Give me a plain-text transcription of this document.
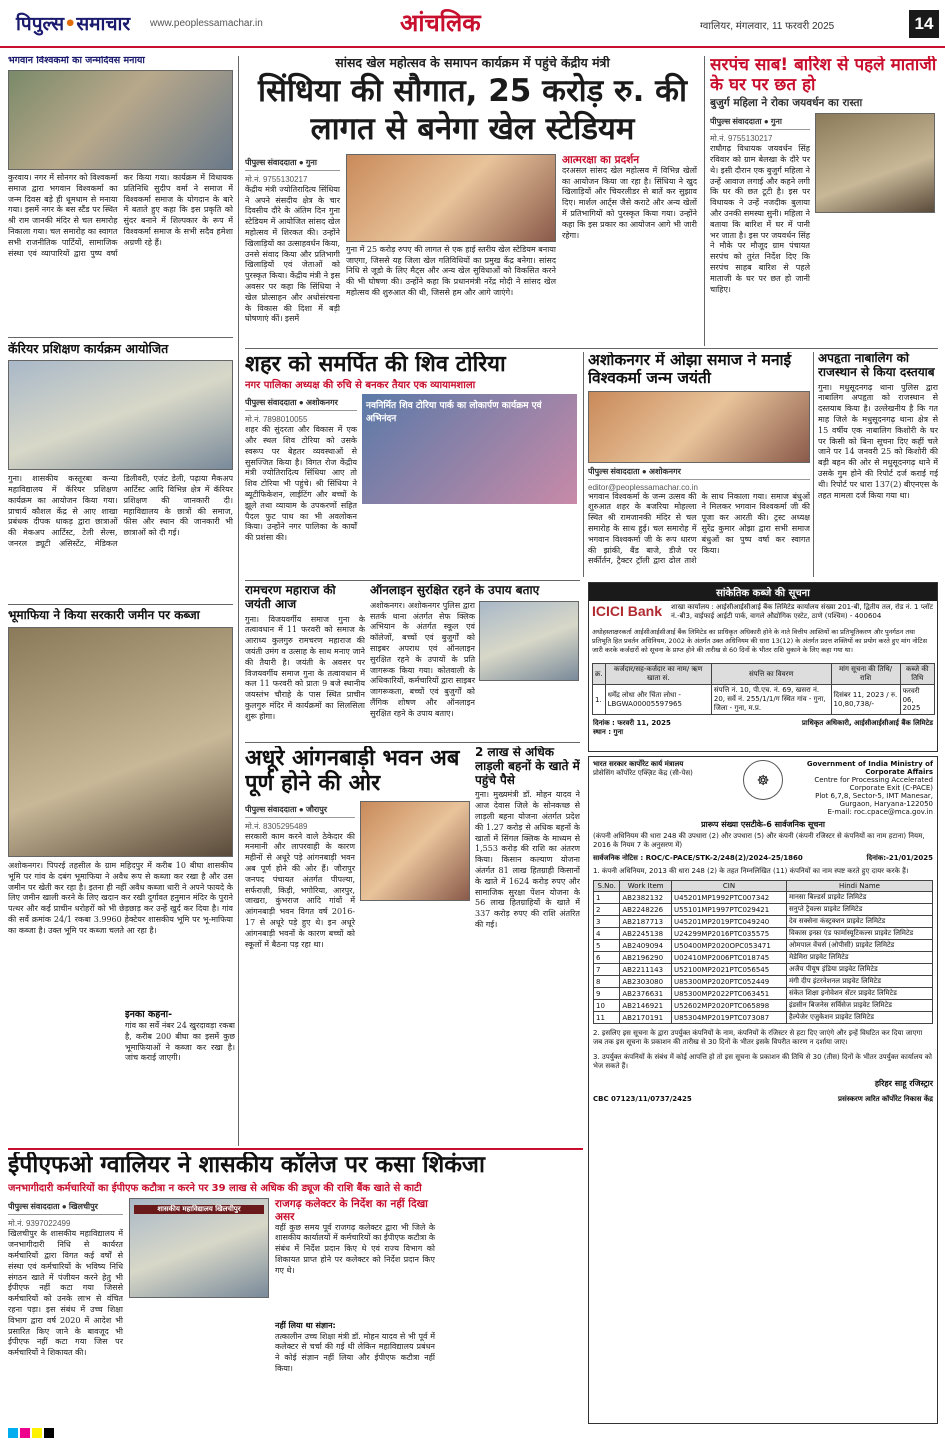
पिपुल्स•समाचार www.peoplessamachar.in	आंचलिक	ग्वालियर, मंगलवार, 11 फरवरी 2025	14
भगवान विश्वकर्मा का जन्मदिवस मनाया
कुरवाय। नगर में सोनगर को विश्वकर्मा समाज द्वारा भगवान विश्वकर्मा का जन्म दिवस बड़े ही धूमधाम से मनाया गया। इसमें नगर के बस स्टैंड पर स्थित श्री राम जानकी मंदिर से चल समारोह निकाला गया। चल समारोह का स्वागत सभी राजनीतिक पार्टियों, सामाजिक संस्था एवं व्यापारियों द्वारा पुष्प वर्षा कर किया गया। कार्यक्रम में विधायक प्रतिनिधि सुदीप वर्मा ने समाज में विश्वकर्मा समाज के योगदान के बारे में बताते हुए कहा कि इस प्रकृति को सुंदर बनाने में शिल्पकार के रूप में विश्वकर्मा समाज के सभी सदैव हमेशा अग्रणी रहे हैं।
कॅरियर प्रशिक्षण कार्यक्रम आयोजित
गुना। शासकीय कस्तूरबा कन्या महाविद्यालय में कॅरियर प्रशिक्षण कार्यक्रम का आयोजन किया गया। प्राचार्य कौशल केंद्र से आए शाखा प्रबंधक दीपक धाकड़ द्वारा छात्राओं की मेकअप आर्टिस्ट, टेली सेल्स, जनरल ड्यूटी असिस्टेंट, मेडिकल डिलीवरी, एजंट डेली, पढ़ाया मैकअप आर्टिस्ट आदि विभिन्न क्षेत्र में कॅरियर प्रशिक्षण की जानकारी दी। महाविद्यालय के छात्रों की समाज, फीस और स्थान की जानकारी भी छात्राओं को दी गई।
भूमाफिया ने किया सरकारी जमीन पर कब्जा
अशोकनगर। पिपरई तहसील के ग्राम महिदपुर में करीब 10 बीघा शासकीय भूमि पर गांव के दबंग भूमाफिया ने अवैध रूप से कब्जा कर रखा है और उस जमीन पर खेती कर रहा है। इतना ही नहीं अवैध कब्जा धारी ने अपने फायदे के लिए जमीन खाली करने के लिए खदान कर रखी दुर्गावत हनुमान मंदिर के पुराने पत्थर और कई प्राचीन धरोहरों को भी छेड़छाड़ कर उन्हें खुर्द कर दिया है। गांव की सर्वे क्रमांक 24/1 रकबा 3.9960 हेक्टेयर शासकीय भूमि पर भू-माफिया का कब्जा है। उक्त भूमि पर कब्जा चलते आ रहा है।
सांसद खेल महोत्सव के समापन कार्यक्रम में पहुंचे केंद्रीय मंत्री
सिंधिया की सौगात, 25 करोड़ रु. की लागत से बनेगा खेल स्टेडियम
पीपुल्स संवाददाता ● गुना
मो.नं. 9755130217
केंद्रीय मंत्री ज्योतिरादित्य सिंधिया ने अपने संसदीय क्षेत्र के चार दिवसीय दौरे के अंतिम दिन गुना स्टेडियम में आयोजित सांसद खेल महोत्सव में शिरकत की। उन्होंने खिलाड़ियों का उत्साहवर्धन किया, उनसे संवाद किया और प्रतिभागी खिलाड़ियों एवं जेताओं को पुरस्कृत किया। केंद्रीय मंत्री ने इस अवसर पर कहा कि सिंधिया ने खेल प्रोत्साहन और अधोसंरचना के विकास की दिशा में बड़ी घोषणाएं कीं। इसमें
गुना में 25 करोड़ रुपए की लागत से एक हाई स्तरीय खेल स्टेडियम बनाया जाएगा, जिससे यह जिला खेल गतिविधियों का प्रमुख केंद्र बनेगा। सांसद निधि से जूडो के लिए मैट्स और अन्य खेल सुविधाओं को विकसित करने की भी घोषणा की। उन्होंने कहा कि प्रधानमंत्री नरेंद्र मोदी ने सांसद खेल महोत्सव की शुरुआत की थी, जिससे हम और आगे जाएंगे।
आत्मरक्षा का प्रदर्शन
दरअसल सांसद खेल महोत्सव में विभिन्न खेलों का आयोजन किया जा रहा है। सिंधिया ने खुद खिलाड़ियों और चियरलीडर से बातें कर सुझाव दिए। मार्शल आर्ट्स जैसे कराटे और अन्य खेलों में प्रतिभागियों को पुरस्कृत किया गया। उन्होंने कहा कि इस प्रकार का आयोजन आगे भी जारी रहेगा।
सरपंच साब! बारिश से पहले माताजी के घर पर छत हो
बुजुर्ग महिला ने रोका जयवर्धन का रास्ता
पीपुल्स संवाददाता ● गुना
मो.नं. 9755130217
राघौगढ़ विधायक जयवर्धन सिंह रविवार को ग्राम बेलखा के दौरे पर थे। इसी दौरान एक बुजुर्ग महिला ने उन्हें आवाज लगाई और कहने लगी कि घर की छत टूटी है। इस पर विधायक ने उन्हें नजदीक बुलाया और उनकी समस्या सुनी। महिला ने बताया कि बारिश में घर में पानी भर जाता है। इस पर जयवर्धन सिंह ने मौके पर मौजूद ग्राम पंचायत सरपंच को तुरंत निर्देश दिए कि सरपंच साहब बारिश से पहले माताजी के घर पर छत हो जानी चाहिए।
शहर को समर्पित की शिव टोरिया
नगर पालिका अध्यक्ष की रुचि से बनकर तैयार एक व्यायामशाला
पीपुल्स संवाददाता ● अशोकनगर
मो.नं. 7898010055
शहर की सुंदरता और विकास में एक और स्थल शिव टोरिया को उसके स्वरूप पर बेहतर व्यवस्थाओं से सुसज्जित किया है। विगत रोज केंद्रीय मंत्री ज्योतिरादित्य सिंधिया आए तो शिव टोरिया भी पहुंचे। श्री सिंधिया ने ब्यूटीफिकेशन, लाईटिंग और बच्चों के झूले तथा व्यायाम के उपकरणों सहित पैदल फुट पाथ का भी अवलोकन किया। उन्होंने नगर पालिका के कार्यों की प्रशंसा की।
नवनिर्मित शिव टोरिया पार्क का लोकार्पण कार्यक्रम एवं अभिनंदन
अशोकनगर में ओझा समाज ने मनाई विश्वकर्मा जन्म जयंती
पीपुल्स संवाददाता ● अशोकनगर
editor@peoplessamachar.co.in
भगवान विश्वकर्मा के जन्म उत्सव की शुरुआत शहर के बजरिया मोहल्ला स्थित श्री रामजानकी मंदिर से चल समारोह के साथ हुई। चल समारोह में भगवान विश्वकर्मा जी के रूप धारण की झांकी, बैंड बाजे, डीजे पर सर्कीर्तन, ट्रैक्टर ट्रॉली द्वारा ढोल ताशे के साथ निकाला गया। समाज बंधुओं ने मिलकर भगवान विश्वकर्मा जी की पूजा कर आरती की। ट्रस्ट अध्यक्ष सुरेंद्र कुमार ओझा द्वारा सभी समाज बंधुओं का पुष्प वर्षा कर स्वागत किया।
अपहृता नाबालिग को राजस्थान से किया दस्तयाब
गुना। मधुसूदनगढ़ थाना पुलिस द्वारा नाबालिग अपहृता को राजस्थान से दस्तयाब किया है। उल्लेखनीय है कि गत माह जिले के मधुसूदनगढ़ थाना क्षेत्र से 15 वर्षीय एक नाबालिग किशोरी के घर पर किसी को बिना सूचना दिए कहीं चले जाने पर 14 जनवरी 25 को किशोरी की बड़ी बहन की ओर से मधुसूदनगढ़ थाने में उसके गुम होने की रिपोर्ट दर्ज कराई गई थी। रिपोर्ट पर धारा 137(2) बीएनएस के तहत मामला दर्ज किया गया था।
रामचरण महाराज की जयंती आज
गुना। विजयवर्गीय समाज गुना के तत्वावधान में 11 फरवरी को समाज के आराध्य कुलगुरु रामचरण महाराज की जयंती उमंग व उत्साह के साथ मनाए जाने की तैयारी है। जयंती के अवसर पर विजयवर्गीय समाज गुना के तत्वावधान में कल 11 फरवरी को प्रातः 9 बजे स्थानीय जयस्तंभ चौराहे के पास स्थित प्राचीन कुलगुरु मंदिर में कार्यक्रमों का सिलसिला शुरू होगा।
ऑनलाइन सुरक्षित रहने के उपाय बताए
अशोकनगर। अशोकनगर पुलिस द्वारा सतर्क थाना अंतर्गत सेफ क्लिक अभियान के अंतर्गत स्कूल एवं कॉलेजों, बच्चों एवं बुजुर्गों को साइबर अपराध एवं ऑनलाइन सुरक्षित रहने के उपायों के प्रति जागरूक किया गया। कोतवाली के अधिकारियों, कर्मचारियों द्वारा साइबर जागरूकता, बच्चों एवं बुजुर्गों को लैंगिक शोषण और ऑनलाइन सुरक्षित रहने के उपाय बताए।
सांकेतिक कब्जे की सूचना
ICICI Bank	शाखा कार्यालय : आईसीआईसीआई बैंक लिमिटेड कार्यालय संख्या 201-बी, द्वितीय तल, रोड नं. 1 प्लॉट नं.-बी3, वाईफाई आईटी पार्क, वागले औद्योगिक एस्टेट, ठाणे (पश्चिम) - 400604
अधोहस्ताक्षरकर्ता आईसीआईसीआई बैंक लिमिटेड का प्राधिकृत अधिकारी होने के नाते वित्तीय आस्तियों का प्रतिभूतिकरण और पुनर्गठन तथा प्रतिभूति हित प्रवर्तन अधिनियम, 2002 के अंतर्गत उक्त अधिनियम की धारा 13(12) के अंतर्गत प्रदत्त शक्तियों का प्रयोग करते हुए मांग नोटिस जारी करके कर्जदारों को सूचना के प्राप्त होने की तारीख से 60 दिनों के भीतर राशि चुकाने के लिए कहा गया था।
क्र.	कर्जदार/सह-कर्जदार का नाम/ ऋण खाता सं.	संपत्ति का विवरण	मांग सूचना की तिथि/ राशि	कब्जे की तिथि
1.	धर्मेंद्र लोधा और चिंता लोधा - LBGWA00005597965	संपत्ति नं. 10, पी.एच. नं. 69, खसरा नं. 20, सर्वे नं. 255/1/1/ग स्थित गांव - गुना, जिला - गुना, म.प्र.	दिसंबर 11, 2023 / रु. 10,80,738/-	फरवरी 06, 2025
दिनांक : फरवरी 11, 2025
स्थान : गुना
प्राधिकृत अधिकारी, आईसीआईसीआई बैंक लिमिटेड
अधूरे आंगनबाड़ी भवन अब पूर्ण होने की ओर
पीपुल्स संवाददाता ● जौरापुर
मो.नं. 8305295489
सरकारी काम करने वाले ठेकेदार की मनमानी और लापरवाही के कारण महीनों से अधूरे पड़े आंगनबाड़ी भवन अब पूर्ण होने की ओर हैं। जौरापुर जनपद पंचायत अंतर्गत पीपल्या, सर्फराज़ी, किड़ी, भगोरिया, आरपुर, जाखरा, कुंभराज आदि गांवों में आंगनबाड़ी भवन विगत वर्ष 2016-17 से अधूरे पड़े हुए थे। इन अधूरे आंगनबाड़ी भवनों के कारण बच्चों को स्कूलों में बैठना पड़ रहा था।
इनका कहना-
गांव का सर्वे नंबर 24 खुरदावड़ा रकबा है, करीब 200 बीघा का इसमें कुछ भूमाफियाओं ने कब्जा कर रखा है। जांच कराई जाएगी।
2 लाख से अधिक लाड़ली बहनों के खाते में पहुंचे पैसे
गुना। मुख्यमंत्री डॉ. मोहन यादव ने आज देवास जिले के सोनकच्छ से लाड़ली बहना योजना अंतर्गत प्रदेश की 1.27 करोड़ से अधिक बहनों के खातों में सिंगल क्लिक के माध्यम से 1,553 करोड़ की राशि का अंतरण किया। किसान कल्याण योजना अंतर्गत 81 लाख हितग्राही किसानों के खाते में 1624 करोड़ रुपए और सामाजिक सुरक्षा पेंशन योजना के 56 लाख हितग्राहियों के खाते में 337 करोड़ रुपए की राशि अंतरित की गई।
भारत सरकार कार्पोरेट कार्य मंत्रालय
प्रोसेसिंग कॉर्पोरेट एक्ज़िट केंद्र (सी-पेस)	☸
Government of India Ministry of Corporate Affairs
Centre for Processing Accelerated Corporate Exit (C-PACE)
Plot 6,7,8, Sector-5, IMT Manesar, Gurgaon, Haryana-122050
E-mail: roc.cpace@mca.gov.in
प्रारूप संख्या एसटीके-6 सार्वजनिक सूचना
(कंपनी अधिनियम की धारा 248 की उपधारा (2) और उपधारा (5) और कंपनी (कंपनी रजिस्टर से कंपनियों का नाम हटाना) नियम, 2016 के नियम 7 के अनुसरण में)
सार्वजनिक नोटिस : ROC/C-PACE/STK-2/248(2)/2024-25/1860	दिनांक:-21/01/2025
1. कंपनी अधिनियम, 2013 की धारा 248 (2) के तहत निम्नलिखित (11) कंपनियों का नाम स्पष्ट करते हुए दायर करके हैं।
S.No.	Work Item	CIN	Hindi Name
1	AB2382132	U45201MP1992PTC007342	मानसा बिल्डर्स प्राइवेट लिमिटेड
2	AB2248226	U55101MP1997PTC029421	सनुप्ते ट्रैवल्स प्राइवेट लिमिटेड
3	AB2187713	U45201MP2019PTC049240	देव सक्सेना कंस्ट्रक्शन प्राइवेट लिमिटेड
4	AB2245138	U24299MP2016PTC035575	विकास इन्फ्रा एंड फार्मास्यूटिकल्स प्राइवेट लिमिटेड
5	AB2409094	U50400MP2020OPC053471	ओमपाल वेंचर्स (ओपीसी) प्राइवेट लिमिटेड
6	AB2196290	U02410MP2006PTC018745	मेडेमिरा प्राइवेट लिमिटेड
7	AB2211143	U52100MP2021PTC056545	अजैय पीयूष इंडिया प्राइवेट लिमिटेड
8	AB2303080	U85300MP2020PTC052449	मंगी दीप इंटरनेशनल प्राइवेट लिमिटेड
9	AB2376631	U85300MP2022PTC063451	संकेत शिक्षा इनोवेशन सेंटर प्राइवेट लिमिटेड
10	AB2146921	U52602MP2020PTC065898	इंडसीन बिजनेस सर्विसेज प्राइवेट लिमिटेड
11	AB2170191	U85304MP2019PTC073087	हैल्पेजेर एजुकेशन प्राइवेट लिमिटेड
2. इसलिए इस सूचना के द्वारा उपर्युक्त कंपनियों के नाम, कंपनियों के रजिस्टर से हटा दिए जाएंगे और इन्हें विघटित कर दिया जाएगा जब तक इस सूचना के प्रकाशन की तारीख से 30 दिनों के भीतर इसके विपरीत कारण न दर्शाया जाए।
3. उपर्युक्त कंपनियों के संबंध में कोई आपत्ति हो तो इस सूचना के प्रकाशन की तिथि से 30 (तीस) दिनों के भीतर उपर्युक्त कार्यालय को भेज सकते हैं।
हरिहर साहू रजिस्ट्रार
CBC 07123/11/0737/2425	प्रसंस्करण त्वरित कॉर्पोरेट निकास केंद्र
ईपीएफओ ग्वालियर ने शासकीय कॉलेज पर कसा शिकंजा
जनभागीदारी कर्मचारियों का ईपीएफ कटौत्रा न करने पर 39 लाख से अधिक की ड्यूज की राशि बैंक खाते से काटी
पीपुल्स संवाददाता ● खिलचीपुर
मो.नं. 9397022499
खिलचीपुर के शासकीय महाविद्यालय में जनभागीदारी निधि से कार्यरत कर्मचारियों द्वारा विगत कई वर्षों से संस्था एवं कर्मचारियों के भविष्य निधि संगठन खाते में पंजीयन करने हेतु भी ईपीएफ नहीं कटा गया जिससे कर्मचारियों को उनके लाभ से वंचित रहना पड़ा। इस संबंध में उच्च शिक्षा विभाग द्वारा वर्ष 2020 में आदेश भी प्रसारित किए जाने के बावजूद भी ईपीएफ नहीं कटा गया जिस पर कर्मचारियों ने शिकायत की।
शासकीय महाविद्यालय खिलचीपुर	राजगढ़ कलेक्टर के निर्देश का नहीं दिखा असर
वहीं कुछ समय पूर्व राजगढ़ कलेक्टर द्वारा भी जिले के शासकीय कार्यालयों में कर्मचारियों का ईपीएफ कटौत्रा के संबंध में निर्देश प्रदान किए थे एवं राज्य विभाग को शिकायत प्राप्त होने पर कलेक्टर को निर्देश प्रदान किए गए थे।
नहीं लिया था संज्ञान:
तत्कालीन उच्च शिक्षा मंत्री डॉ. मोहन यादव से भी पूर्व में कलेक्टर से चर्चा की गई थी लेकिन महाविद्यालय प्रबंधन ने कोई संज्ञान नहीं लिया और ईपीएफ कटौत्रा नहीं किया।
